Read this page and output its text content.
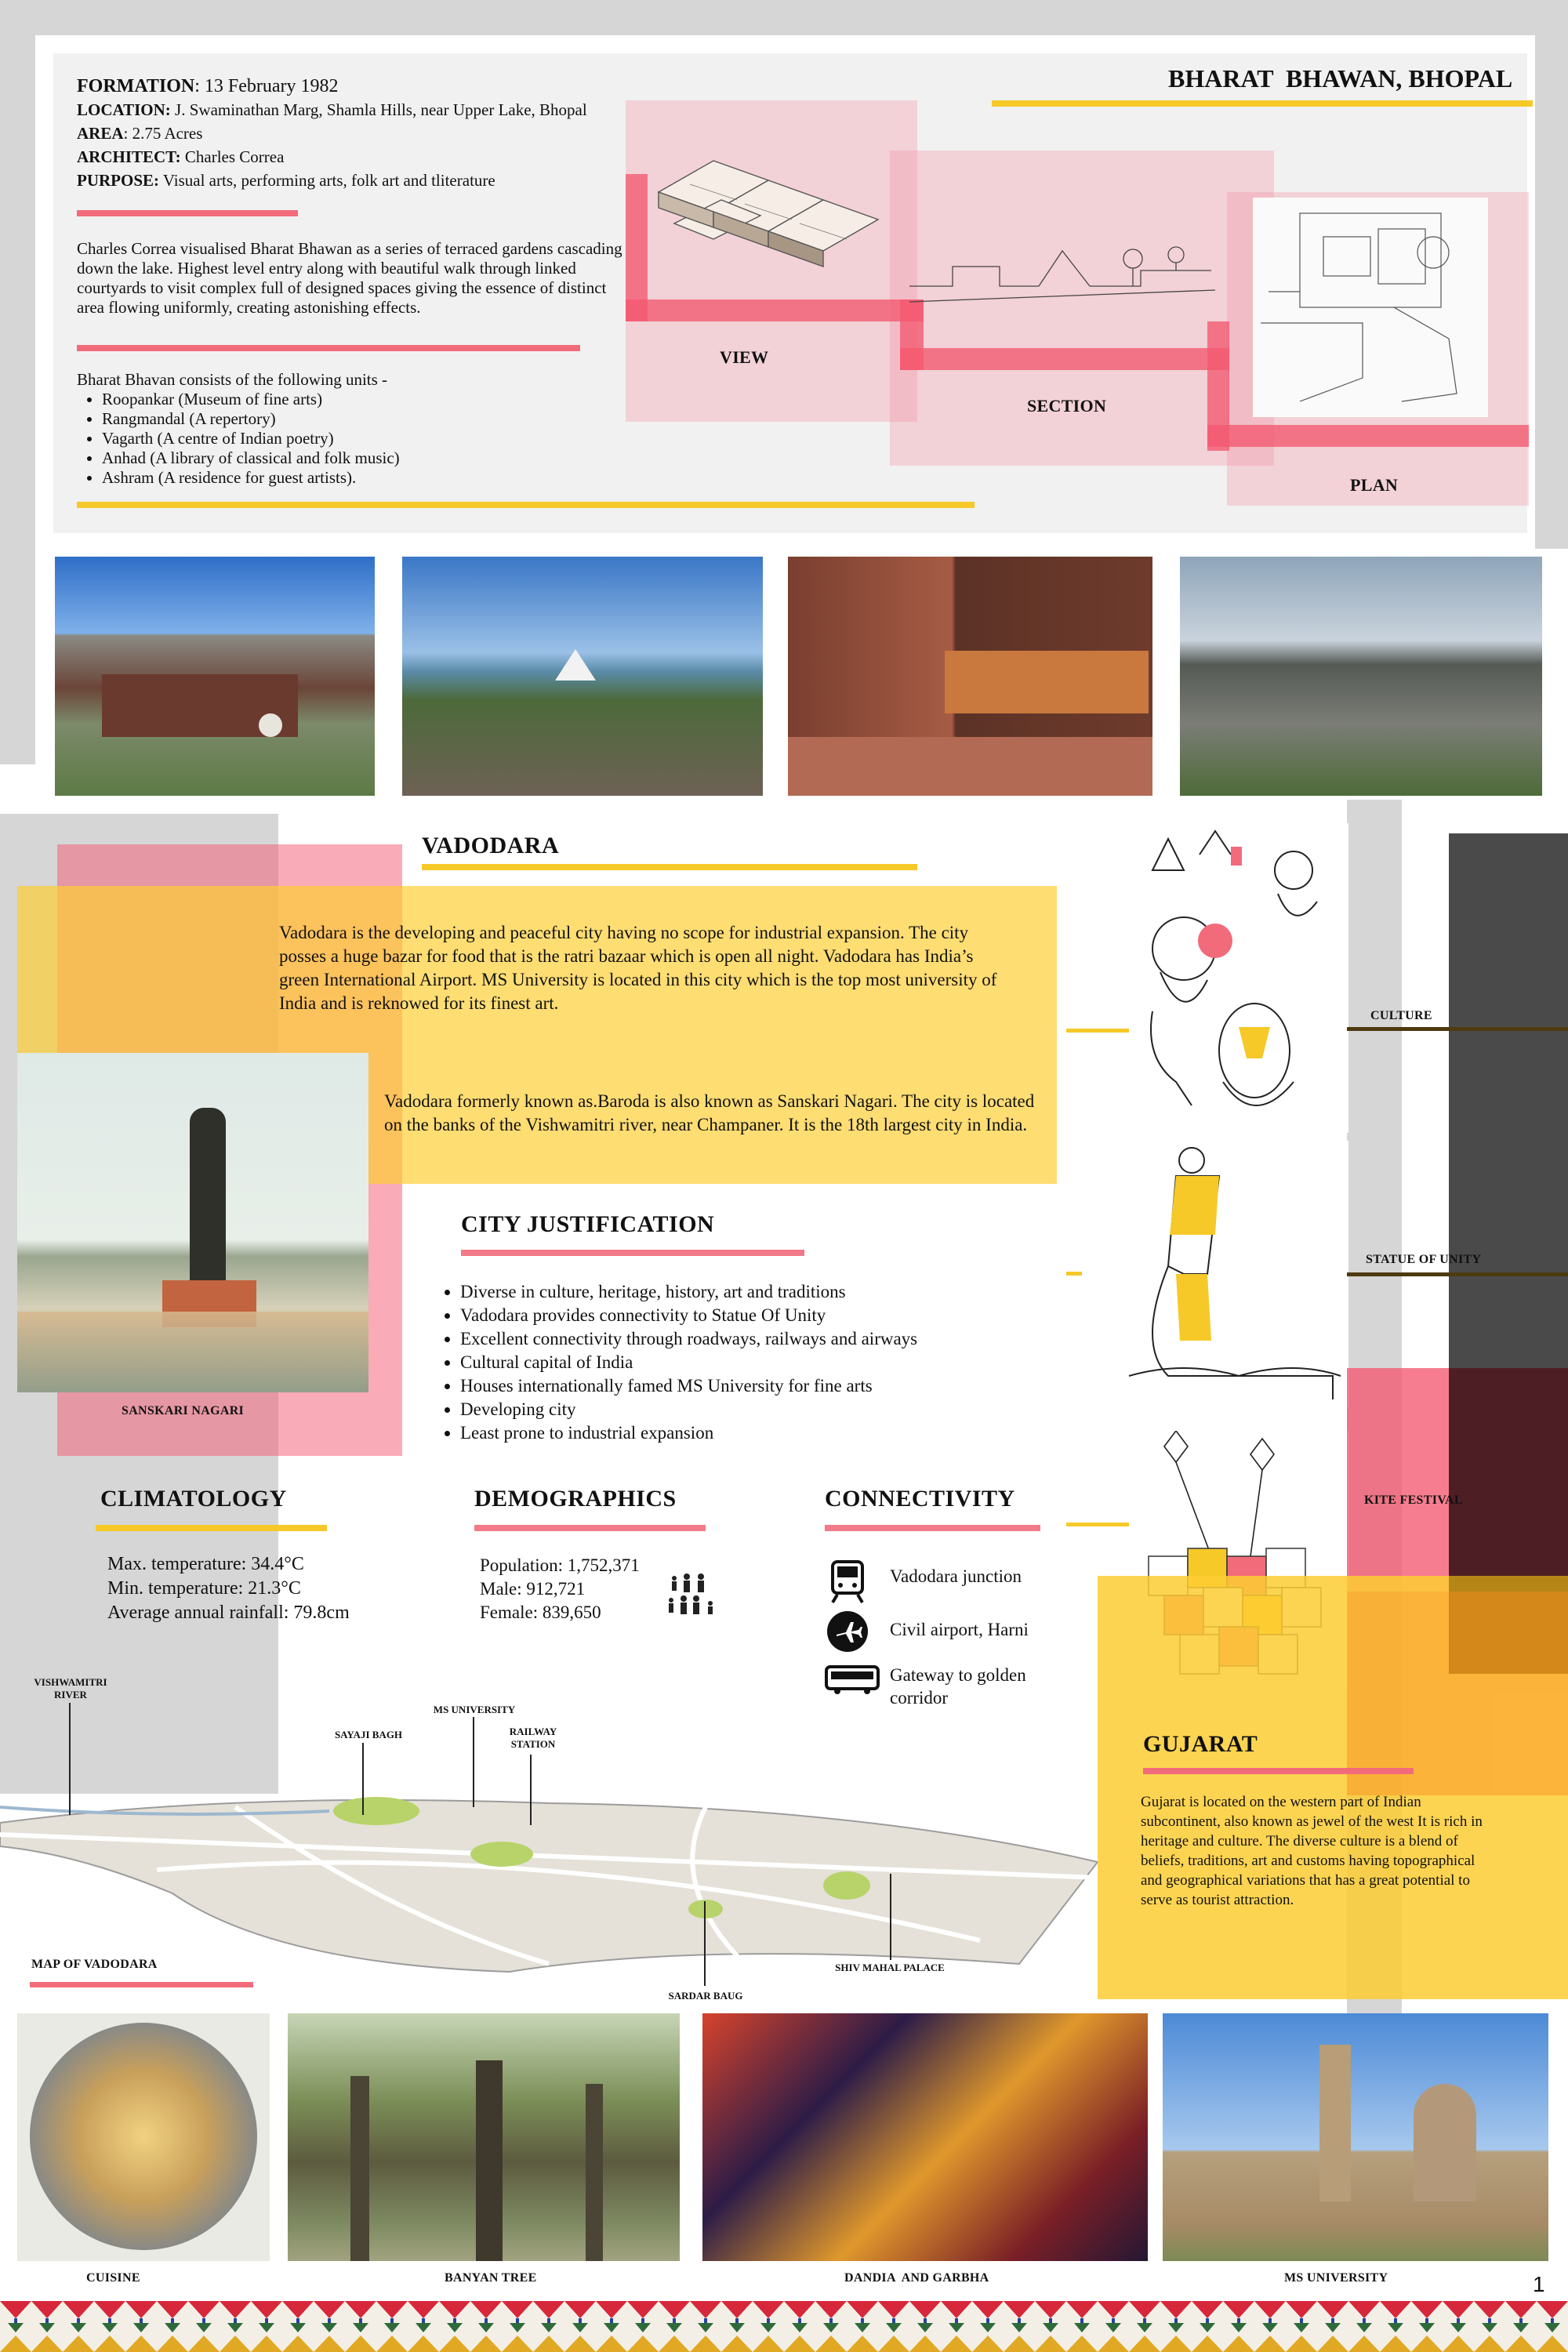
BHARAT  BHAWAN, BHOPAL
FORMATION: 13 February 1982
LOCATION: J. Swaminathan Marg, Shamla Hills, near Upper Lake, Bhopal
AREA: 2.75 Acres
ARCHITECT: Charles Correa
PURPOSE: Visual arts, performing arts, folk art and tliterature
Charles Correa visualised Bharat Bhawan as a series of terraced gardens cascading down the lake. Highest level entry along with beautiful walk through linked courtyards to visit complex full of designed spaces giving the essence of distinct area flowing uniformly, creating astonishing effects.
Bharat Bhavan consists of the following units -
• Roopankar (Museum of fine arts)
• Rangmandal (A repertory)
• Vagarth (A centre of Indian poetry)
• Anhad (A library of classical and folk music)
• Ashram (A residence for guest artists).
VIEW
SECTION
PLAN
VADODARA
Vadodara is the developing and peaceful city having no scope for industrial expansion. The city posses a huge bazar for food that is the ratri bazaar which is open all night. Vadodara has India’s green International Airport. MS University is located in this city which is the top most university of India and is reknowed for its finest art.
Vadodara formerly known as.Baroda is also known as Sanskari Nagari. The city is located on the banks of the Vishwamitri river, near Champaner. It is the 18th largest city in India.
SANSKARI NAGARI
CITY JUSTIFICATION
• Diverse in culture, heritage, history, art and traditions
• Vadodara provides connectivity to Statue Of Unity
• Excellent connectivity through roadways, railways and airways
• Cultural capital of India
• Houses internationally famed MS University for fine arts
• Developing city
• Least prone to industrial expansion
CLIMATOLOGY
Max. temperature: 34.4°C
Min. temperature: 21.3°C
Average annual rainfall: 79.8cm
DEMOGRAPHICS
Population: 1,752,371
Male: 912,721
Female: 839,650
CONNECTIVITY
Vadodara junction
Civil airport, Harni
Gateway to golden corridor
CULTURE
STATUE OF UNITY
KITE FESTIVAL
GUJARAT
Gujarat is located on the western part of Indian subcontinent, also known as jewel of the west It is rich in heritage and culture. The diverse culture is a blend of beliefs, traditions, art and customs having topographical and geographical variations that has a great potential to serve as tourist attraction.
VISHWAMITRI RIVER
MS UNIVERSITY
SAYAJI BAGH	RAILWAY STATION
SHIV MAHAL PALACE
SARDAR BAUG
MAP OF VADODARA
CUISINE	BANYAN TREE	DANDIA  AND GARBHA	MS UNIVERSITY	1
